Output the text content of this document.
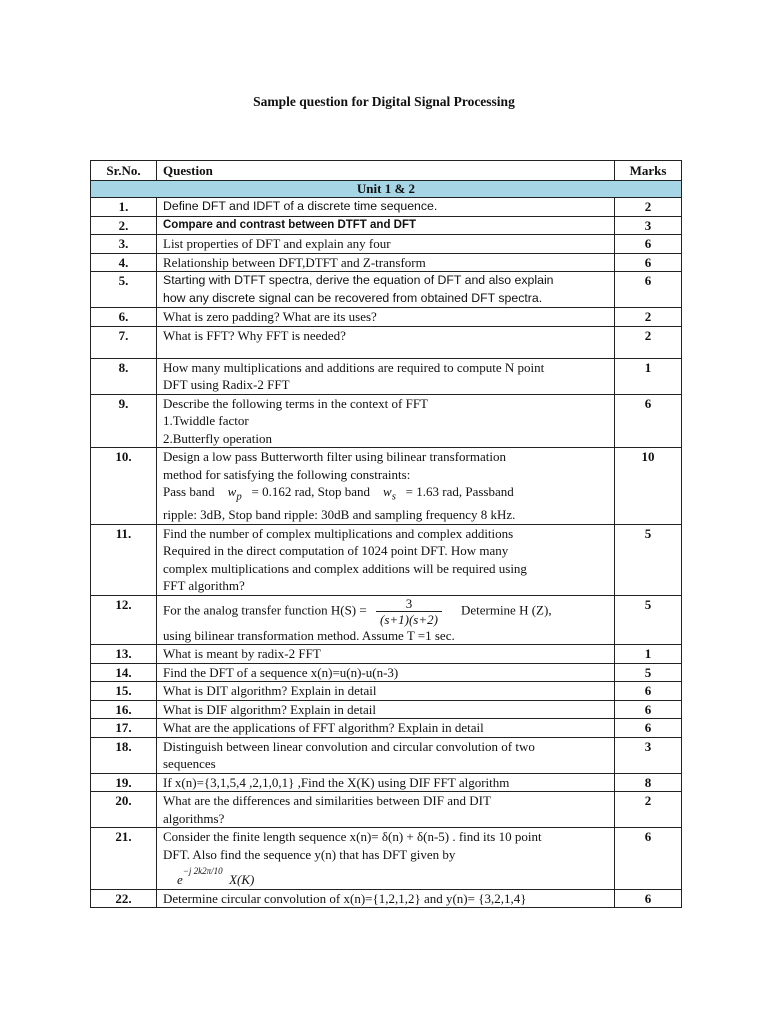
Sample question for Digital Signal Processing
Sr.No.	Question	Marks
Unit 1 & 2		
1.	Define DFT and IDFT of a discrete time sequence.	2
2.	Compare and contrast between DTFT and DFT	3
3.	List properties of DFT and explain any four	6
4.	Relationship between DFT,DTFT and Z-transform	6
5.	Starting with DTFT spectra, derive the equation of DFT and also explain
how any discrete signal can be recovered from obtained DFT spectra.	6
6.	What is zero padding? What are its uses?	2
7.	What is FFT? Why FFT is needed?	2
8.	How many multiplications and additions are required to compute N point
DFT using Radix-2 FFT	1
9.	Describe the following terms in the context of FFT
1.Twiddle factor
2.Butterfly operation	6
10.	Design a low pass Butterworth filter using bilinear transformation
method for satisfying the following constraints:
Pass band $w_p = 0.162$ rad, Stop band $w_s = 1.63$ rad, Passband
ripple: 3dB, Stop band ripple: 30dB and sampling frequency 8 kHz.	10
11.	Find the number of complex multiplications and complex additions
Required in the direct computation of 1024 point DFT. How many
complex multiplications and complex additions will be required using
FFT algorithm?	5
12.	For the analog transfer function $H(S) = \frac{3}{(s+1)(s+2)}$ Determine H (Z),
using bilinear transformation method. Assume T =1 sec.	5
13.	What is meant by radix-2 FFT	1
14.	Find the DFT of a sequence x(n)=u(n)-u(n-3)	5
15.	What is DIT algorithm? Explain in detail	6
16.	What is DIF algorithm? Explain in detail	6
17.	What are the applications of FFT algorithm? Explain in detail	6
18.	Distinguish between linear convolution and circular convolution of two
sequences	3
19.	If x(n)={3,1,5,4 ,2,1,0,1} ,Find the X(K) using DIF FFT algorithm	8
20.	What are the differences and similarities between DIF and DIT
algorithms?	2
21.	Consider the finite length sequence x(n)= δ(n) + δ(n-5) . find its 10 point
DFT. Also find the sequence y(n) that has DFT given by
$e^{-j 2k2\pi/10}$  X(K)	6
22.	Determine circular convolution of x(n)={1,2,1,2} and y(n)= {3,2,1,4}	6
